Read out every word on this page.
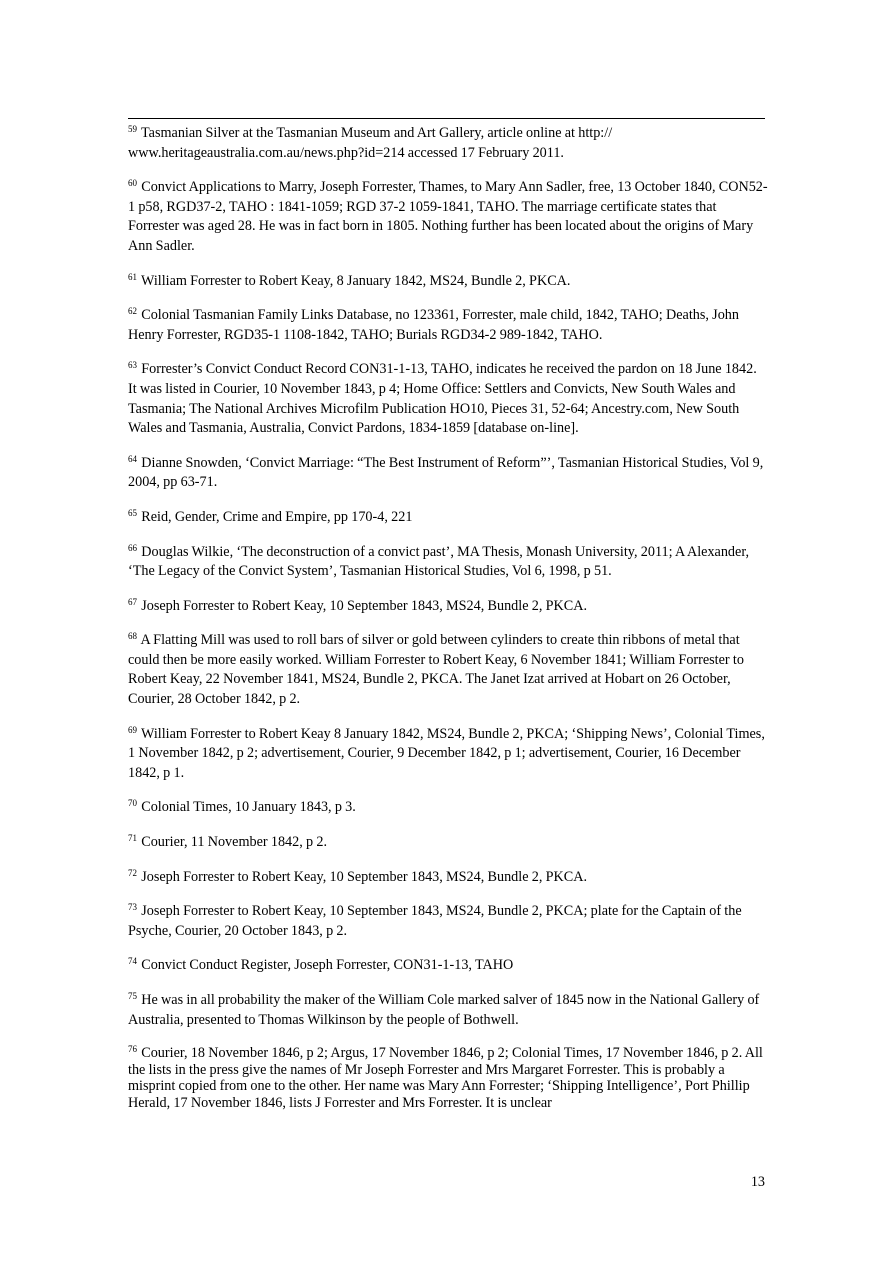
$^{59}$ Tasmanian Silver at the Tasmanian Museum and Art Gallery, article online at http:// www.heritageaustralia.com.au/news.php?id=214 accessed 17 February 2011.

$^{60}$ Convict Applications to Marry, Joseph Forrester, Thames, to Mary Ann Sadler, free, 13 October 1840, CON52-1 p58, RGD37-2, TAHO : 1841-1059; RGD 37-2 1059-1841, TAHO. The marriage certificate states that Forrester was aged 28. He was in fact born in 1805. Nothing further has been located about the origins of Mary Ann Sadler.

$^{61}$ William Forrester to Robert Keay, 8 January 1842, MS24, Bundle 2, PKCA.

$^{62}$ Colonial Tasmanian Family Links Database, no 123361, Forrester, male child, 1842, TAHO; Deaths, John Henry Forrester, RGD35-1 1108-1842, TAHO; Burials RGD34-2 989-1842, TAHO.

$^{63}$ Forrester’s Convict Conduct Record CON31-1-13, TAHO, indicates he received the pardon on 18 June 1842. It was listed in Courier, 10 November 1843, p 4; Home Office: Settlers and Convicts, New South Wales and Tasmania; The National Archives Microfilm Publication HO10, Pieces 31, 52-64; Ancestry.com, New South Wales and Tasmania, Australia, Convict Pardons, 1834-1859 [database on-line].

$^{64}$ Dianne Snowden, ‘Convict Marriage: “The Best Instrument of Reform”’, Tasmanian Historical Studies, Vol 9, 2004, pp 63-71.

$^{65}$ Reid, Gender, Crime and Empire, pp 170-4, 221

$^{66}$ Douglas Wilkie, ‘The deconstruction of a convict past’, MA Thesis, Monash University, 2011; A Alexander, ‘The Legacy of the Convict System’, Tasmanian Historical Studies, Vol 6, 1998, p 51.

$^{67}$ Joseph Forrester to Robert Keay, 10 September 1843, MS24, Bundle 2, PKCA.

$^{68}$ A Flatting Mill was used to roll bars of silver or gold between cylinders to create thin ribbons of metal that could then be more easily worked. William Forrester to Robert Keay, 6 November 1841; William Forrester to Robert Keay, 22 November 1841, MS24, Bundle 2, PKCA. The Janet Izat arrived at Hobart on 26 October, Courier, 28 October 1842, p 2.

$^{69}$ William Forrester to Robert Keay 8 January 1842, MS24, Bundle 2, PKCA; ‘Shipping News’, Colonial Times, 1 November 1842, p 2; advertisement, Courier, 9 December 1842, p 1; advertisement, Courier, 16 December 1842, p 1.

$^{70}$ Colonial Times, 10 January 1843, p 3.

$^{71}$ Courier, 11 November 1842, p 2.

$^{72}$ Joseph Forrester to Robert Keay, 10 September 1843, MS24, Bundle 2, PKCA.

$^{73}$ Joseph Forrester to Robert Keay, 10 September 1843, MS24, Bundle 2, PKCA; plate for the Captain of the Psyche, Courier, 20 October 1843, p 2.

$^{74}$ Convict Conduct Register, Joseph Forrester, CON31-1-13, TAHO

$^{75}$ He was in all probability the maker of the William Cole marked salver of 1845 now in the National Gallery of Australia, presented to Thomas Wilkinson by the people of Bothwell.

$^{76}$ Courier, 18 November 1846, p 2; Argus, 17 November 1846, p 2; Colonial Times, 17 November 1846, p 2. All the lists in the press give the names of Mr Joseph Forrester and Mrs Margaret Forrester. This is probably a misprint copied from one to the other. Her name was Mary Ann Forrester; ‘Shipping Intelligence’, Port Phillip Herald, 17 November 1846, lists J Forrester and Mrs Forrester. It is unclear

13
